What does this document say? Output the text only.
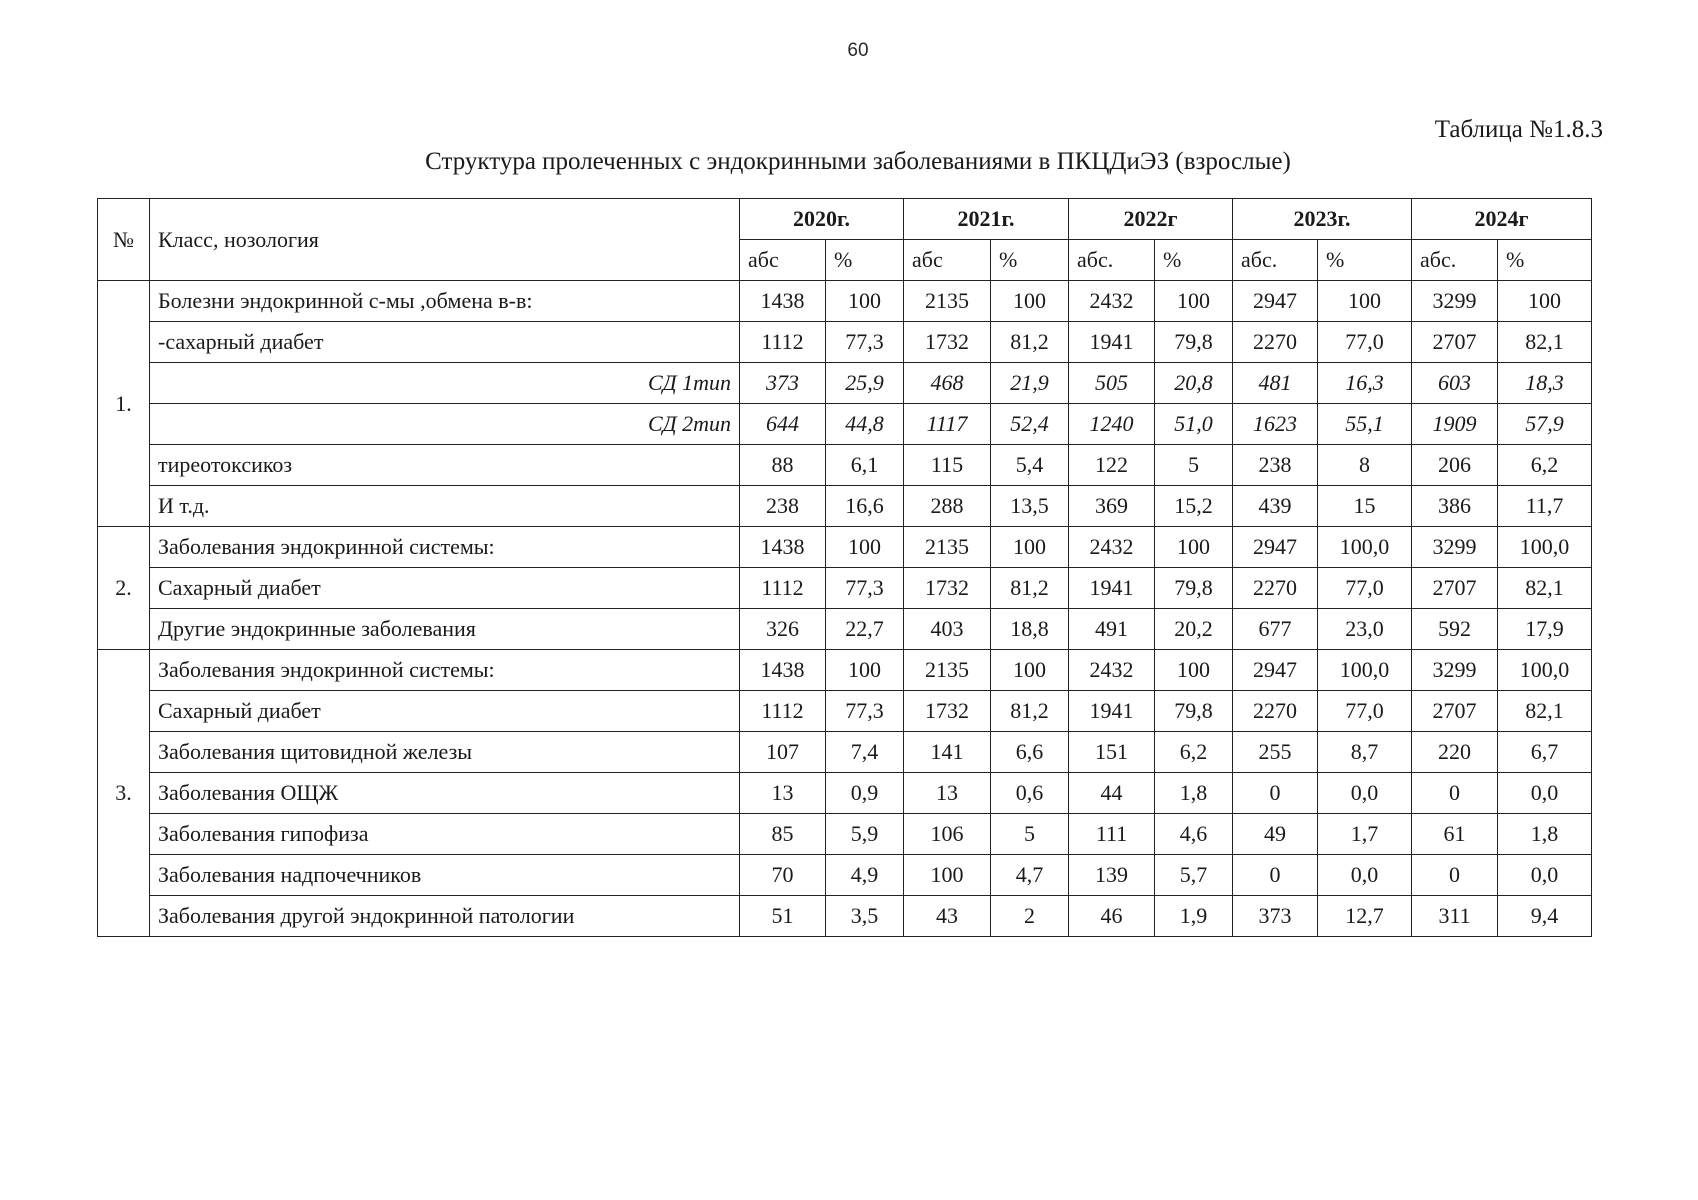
60
Таблица №1.8.3
Структура пролеченных с эндокринными заболеваниями в ПКЦДиЭЗ (взрослые)
№	Класс, нозология	2020г.		2021г.		2022г		2023г.		2024г	
		абс	%	абс	%	абс.	%	абс.	%	абс.	%
1.	Болезни эндокринной с-мы ,обмена в-в:	1438	100	2135	100	2432	100	2947	100	3299	100
	-сахарный диабет	1112	77,3	1732	81,2	1941	79,8	2270	77,0	2707	82,1
	СД 1тип	373	25,9	468	21,9	505	20,8	481	16,3	603	18,3
	СД 2тип	644	44,8	1117	52,4	1240	51,0	1623	55,1	1909	57,9
	тиреотоксикоз	88	6,1	115	5,4	122	5	238	8	206	6,2
	И т.д.	238	16,6	288	13,5	369	15,2	439	15	386	11,7
2.	Заболевания эндокринной системы:	1438	100	2135	100	2432	100	2947	100,0	3299	100,0
	Сахарный диабет	1112	77,3	1732	81,2	1941	79,8	2270	77,0	2707	82,1
	Другие эндокринные заболевания	326	22,7	403	18,8	491	20,2	677	23,0	592	17,9
3.	Заболевания эндокринной системы:	1438	100	2135	100	2432	100	2947	100,0	3299	100,0
	Сахарный диабет	1112	77,3	1732	81,2	1941	79,8	2270	77,0	2707	82,1
	Заболевания щитовидной железы	107	7,4	141	6,6	151	6,2	255	8,7	220	6,7
	Заболевания ОЩЖ	13	0,9	13	0,6	44	1,8	0	0,0	0	0,0
	Заболевания гипофиза	85	5,9	106	5	111	4,6	49	1,7	61	1,8
	Заболевания надпочечников	70	4,9	100	4,7	139	5,7	0	0,0	0	0,0
	Заболевания другой эндокринной патологии	51	3,5	43	2	46	1,9	373	12,7	311	9,4
